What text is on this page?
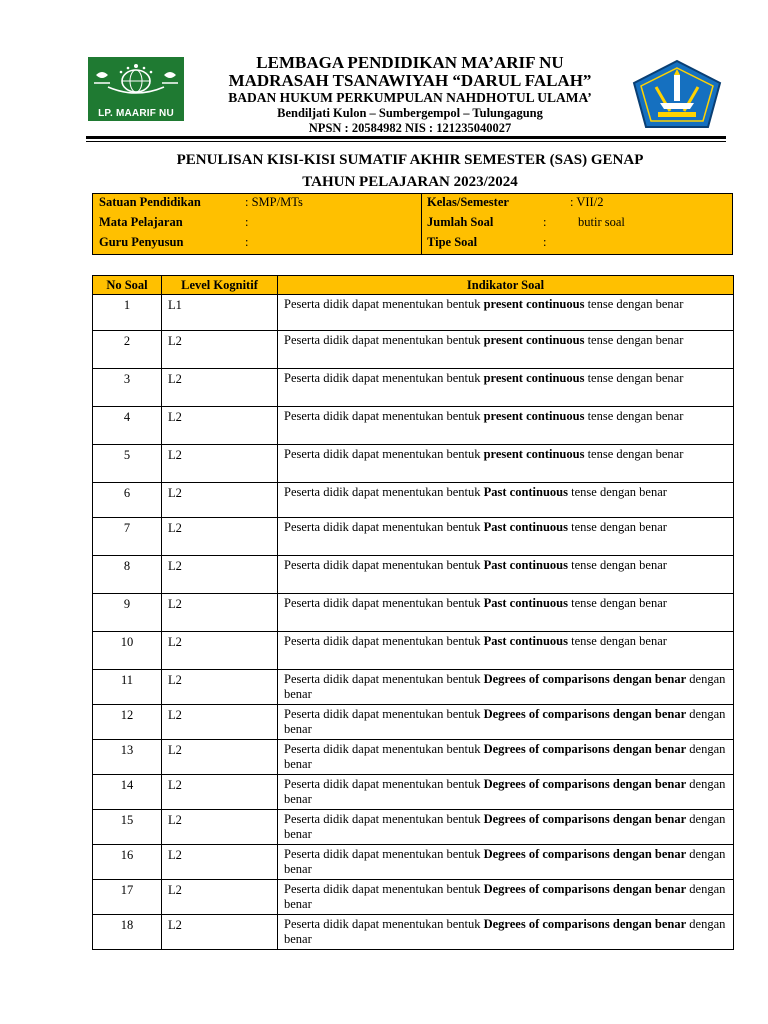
LP. MAARIF NU
LEMBAGA PENDIDIKAN MA’ARIF NU
MADRASAH TSANAWIYAH “DARUL FALAH”
BADAN HUKUM PERKUMPULAN NAHDHOTUL ULAMA’
Bendiljati Kulon – Sumbergempol – Tulungagung
NPSN : 20584982 NIS : 121235040027
PENULISAN KISI-KISI SUMATIF AKHIR SEMESTER (SAS) GENAP
TAHUN PELAJARAN 2023/2024
Satuan Pendidikan	: SMP/MTs
Mata Pelajaran	:
Guru Penyusun	:
Kelas/Semester	: VII/2
Jumlah Soal	:	butir soal
Tipe Soal	:
No Soal	Level Kognitif	Indikator Soal
1	L1	Peserta didik dapat menentukan bentuk present continuous tense dengan benar
2	L2	Peserta didik dapat menentukan bentuk present continuous tense dengan benar
3	L2	Peserta didik dapat menentukan bentuk present continuous tense dengan benar
4	L2	Peserta didik dapat menentukan bentuk present continuous tense dengan benar
5	L2	Peserta didik dapat menentukan bentuk present continuous tense dengan benar
6	L2	Peserta didik dapat menentukan bentuk Past continuous tense dengan benar
7	L2	Peserta didik dapat menentukan bentuk Past continuous tense dengan benar
8	L2	Peserta didik dapat menentukan bentuk Past continuous tense dengan benar
9	L2	Peserta didik dapat menentukan bentuk Past continuous tense dengan benar
10	L2	Peserta didik dapat menentukan bentuk Past continuous tense dengan benar
11	L2	Peserta didik dapat menentukan bentuk Degrees of comparisons dengan benar dengan benar
12	L2	Peserta didik dapat menentukan bentuk Degrees of comparisons dengan benar dengan benar
13	L2	Peserta didik dapat menentukan bentuk Degrees of comparisons dengan benar dengan benar
14	L2	Peserta didik dapat menentukan bentuk Degrees of comparisons dengan benar dengan benar
15	L2	Peserta didik dapat menentukan bentuk Degrees of comparisons dengan benar dengan benar
16	L2	Peserta didik dapat menentukan bentuk Degrees of comparisons dengan benar dengan benar
17	L2	Peserta didik dapat menentukan bentuk Degrees of comparisons dengan benar dengan benar
18	L2	Peserta didik dapat menentukan bentuk Degrees of comparisons dengan benar dengan benar
